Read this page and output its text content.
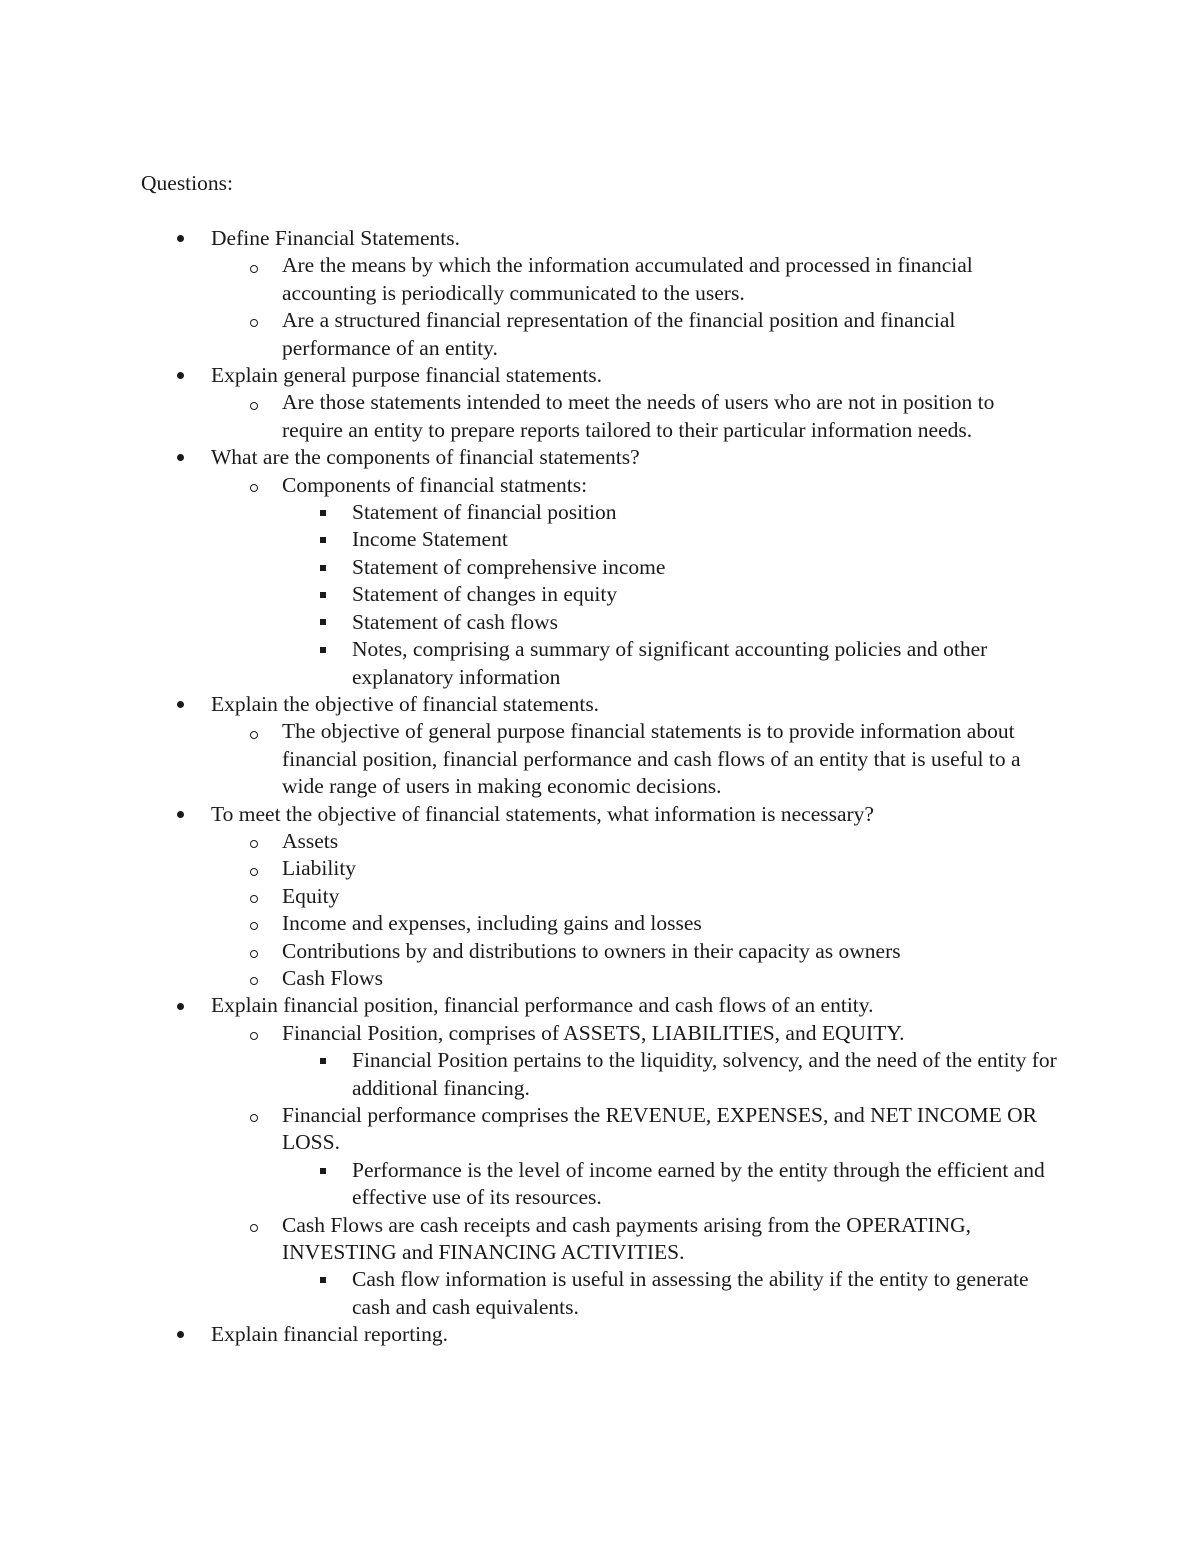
Questions:
Define Financial Statements.
Are the means by which the information accumulated and processed in financial accounting is periodically communicated to the users.
Are a structured financial representation of the financial position and financial performance of an entity.
Explain general purpose financial statements.
Are those statements intended to meet the needs of users who are not in position to require an entity to prepare reports tailored to their particular information needs.
What are the components of financial statements?
Components of financial statments:
Statement of financial position
Income Statement
Statement of comprehensive income
Statement of changes in equity
Statement of cash flows
Notes, comprising a summary of significant accounting policies and other explanatory information
Explain the objective of financial statements.
The objective of general purpose financial statements is to provide information about financial position, financial performance and cash flows of an entity that is useful to a wide range of users in making economic decisions.
To meet the objective of financial statements, what information is necessary?
Assets
Liability
Equity
Income and expenses, including gains and losses
Contributions by and distributions to owners in their capacity as owners
Cash Flows
Explain financial position, financial performance and cash flows of an entity.
Financial Position, comprises of ASSETS, LIABILITIES, and EQUITY.
Financial Position pertains to the liquidity, solvency, and the need of the entity for additional financing.
Financial performance comprises the REVENUE, EXPENSES, and NET INCOME OR LOSS.
Performance is the level of income earned by the entity through the efficient and effective use of its resources.
Cash Flows are cash receipts and cash payments arising from the OPERATING, INVESTING and FINANCING ACTIVITIES.
Cash flow information is useful in assessing the ability if the entity to generate cash and cash equivalents.
Explain financial reporting.
